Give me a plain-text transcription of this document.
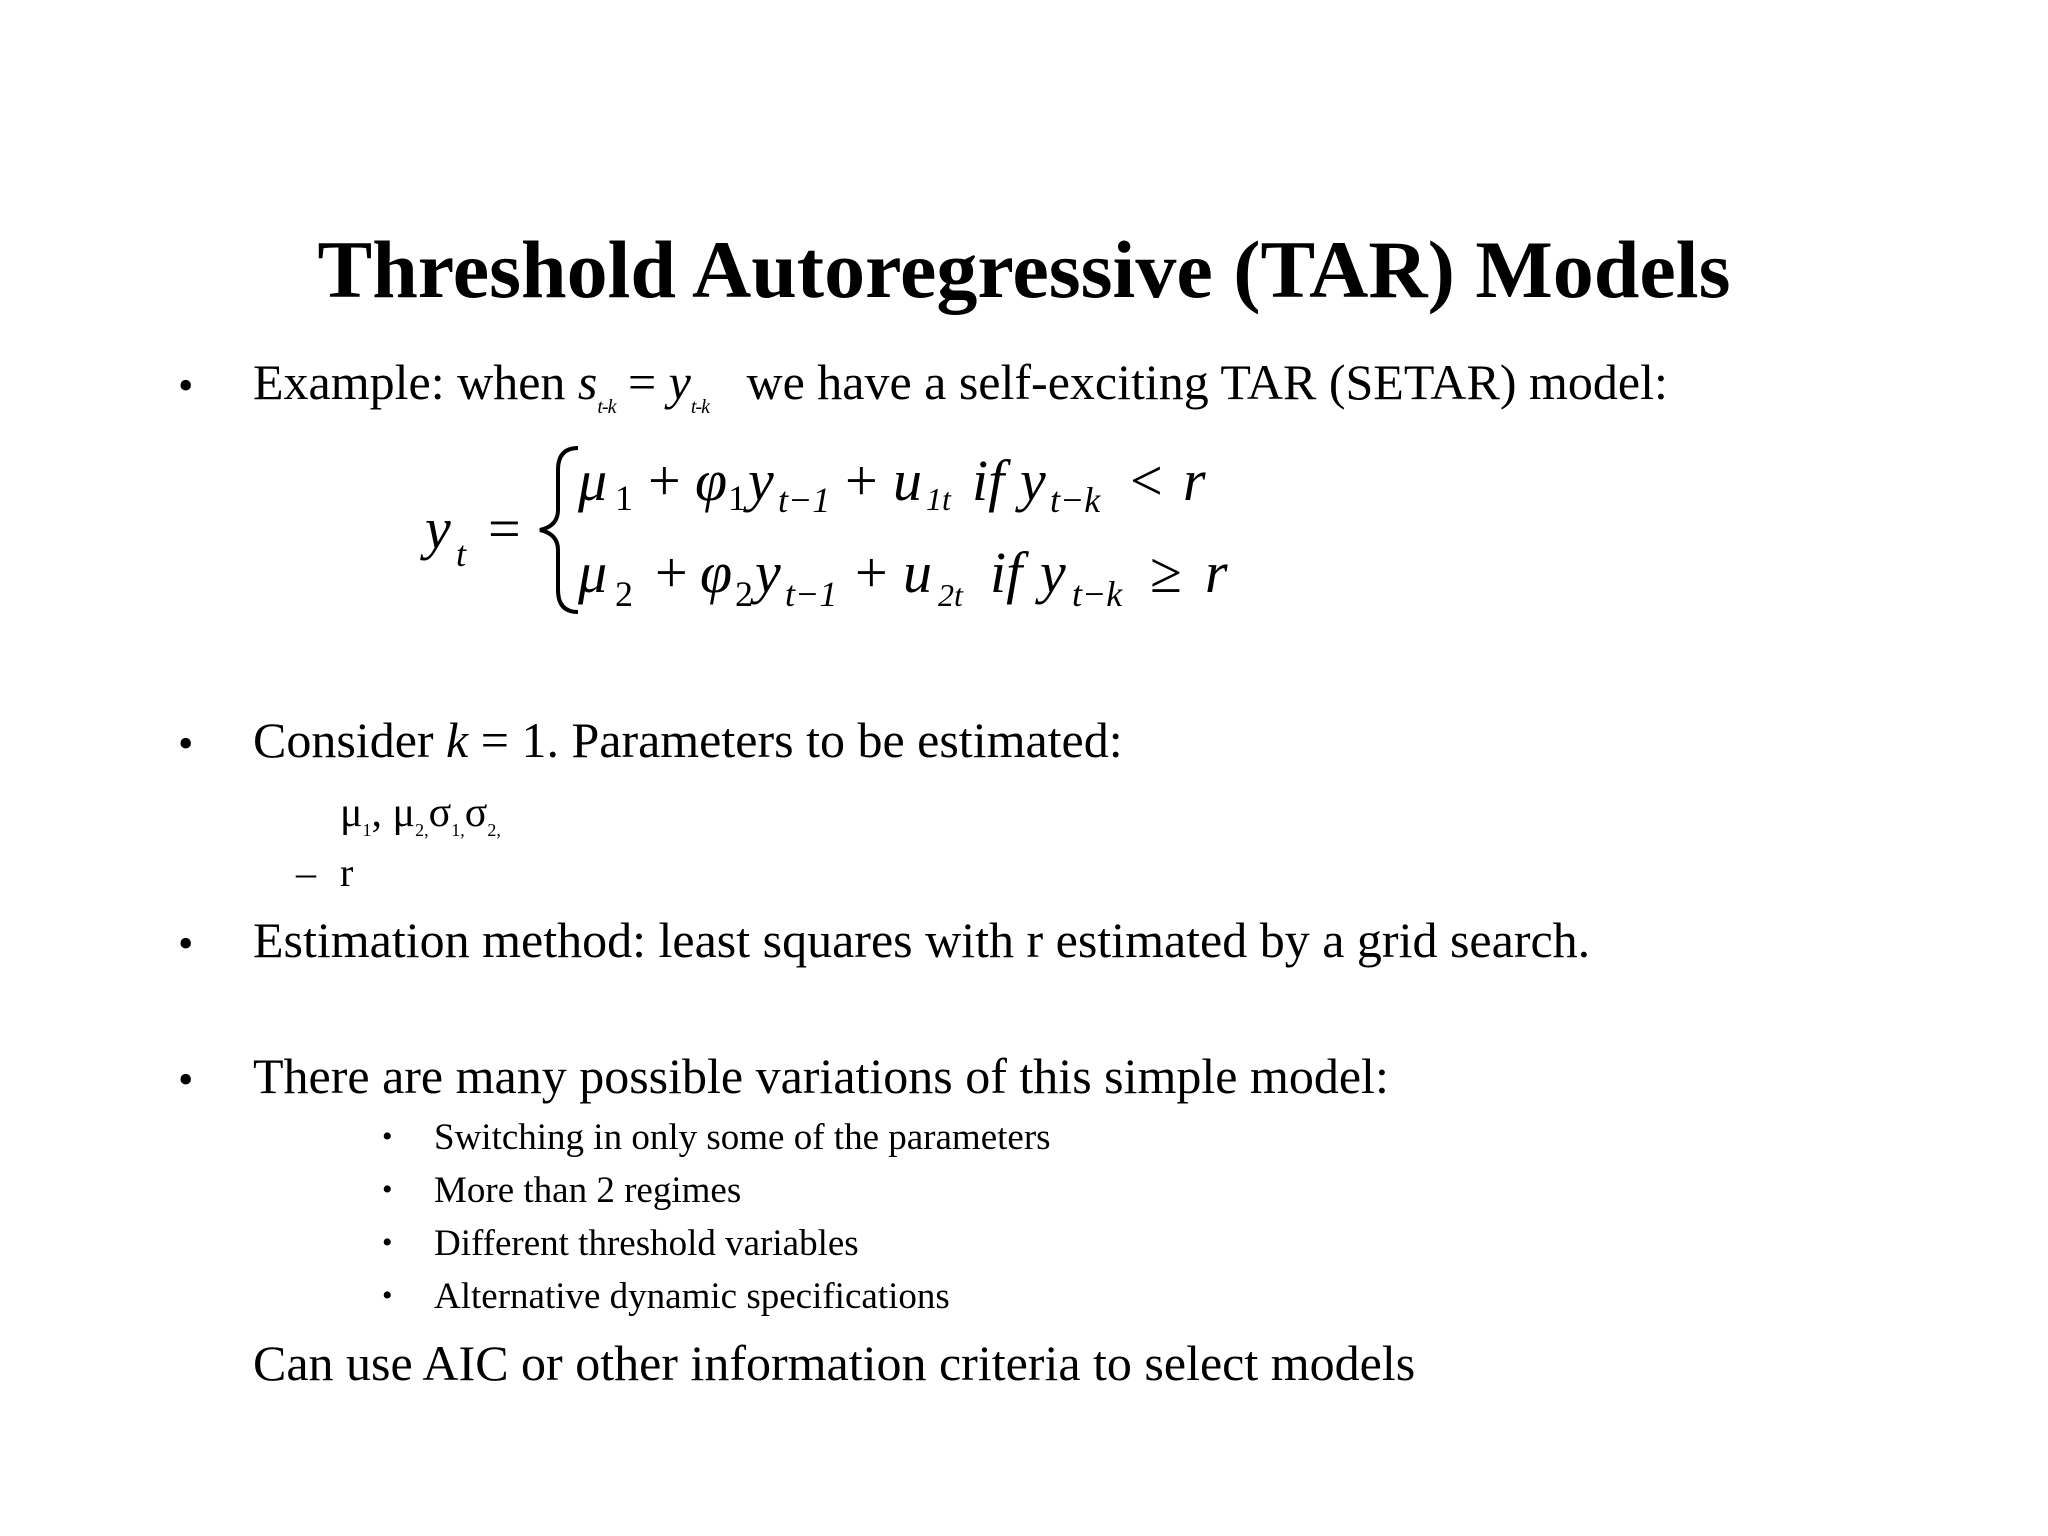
Threshold Autoregressive (TAR) Models
• Example: when $s_{t-k} = y_{t-k}$   we have a self-exciting TAR (SETAR) model:
y t =
μ 1 + φ 1 y t−1 + u 1t if y t−k < r
μ 2 + φ 2 y t−1 + u 2t if y t−k ≥ r
• Consider k = 1. Parameters to be estimated:
$\mu_1$, $\mu_{2,}\sigma_{1,}\sigma_{2,}$
– r
• Estimation method: least squares with r estimated by a grid search.
• There are many possible variations of this simple model:
• Switching in only some of the parameters
• More than 2 regimes
• Different threshold variables
• Alternative dynamic specifications
Can use AIC or other information criteria to select models
